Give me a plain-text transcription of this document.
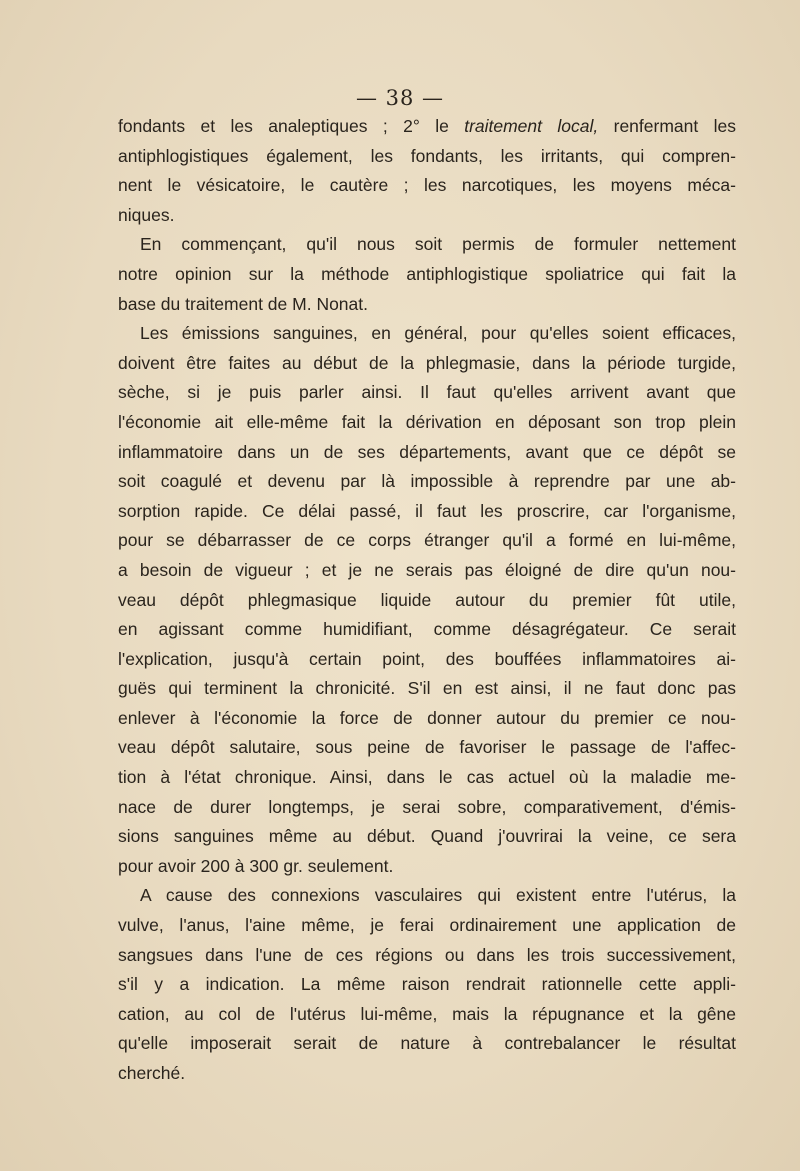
— 38 —
fondants et les analeptiques ; 2° le traitement local, renfermant les
antiphlogistiques également, les fondants, les irritants, qui compren-
nent le vésicatoire, le cautère ; les narcotiques, les moyens méca-
niques.
En commençant, qu'il nous soit permis de formuler nettement
notre opinion sur la méthode antiphlogistique spoliatrice qui fait la
base du traitement de M. Nonat.
Les émissions sanguines, en général, pour qu'elles soient efficaces,
doivent être faites au début de la phlegmasie, dans la période turgide,
sèche, si je puis parler ainsi. Il faut qu'elles arrivent avant que
l'économie ait elle-même fait la dérivation en déposant son trop plein
inflammatoire dans un de ses départements, avant que ce dépôt se
soit coagulé et devenu par là impossible à reprendre par une ab-
sorption rapide. Ce délai passé, il faut les proscrire, car l'organisme,
pour se débarrasser de ce corps étranger qu'il a formé en lui-même,
a besoin de vigueur ; et je ne serais pas éloigné de dire qu'un nou-
veau dépôt phlegmasique liquide autour du premier fût utile,
en agissant comme humidifiant, comme désagrégateur. Ce serait
l'explication, jusqu'à certain point, des bouffées inflammatoires ai-
guës qui terminent la chronicité. S'il en est ainsi, il ne faut donc pas
enlever à l'économie la force de donner autour du premier ce nou-
veau dépôt salutaire, sous peine de favoriser le passage de l'affec-
tion à l'état chronique. Ainsi, dans le cas actuel où la maladie me-
nace de durer longtemps, je serai sobre, comparativement, d'émis-
sions sanguines même au début. Quand j'ouvrirai la veine, ce sera
pour avoir 200 à 300 gr. seulement.
A cause des connexions vasculaires qui existent entre l'utérus, la
vulve, l'anus, l'aine même, je ferai ordinairement une application de
sangsues dans l'une de ces régions ou dans les trois successivement,
s'il y a indication. La même raison rendrait rationnelle cette appli-
cation, au col de l'utérus lui-même, mais la répugnance et la gêne
qu'elle imposerait serait de nature à contrebalancer le résultat
cherché.
